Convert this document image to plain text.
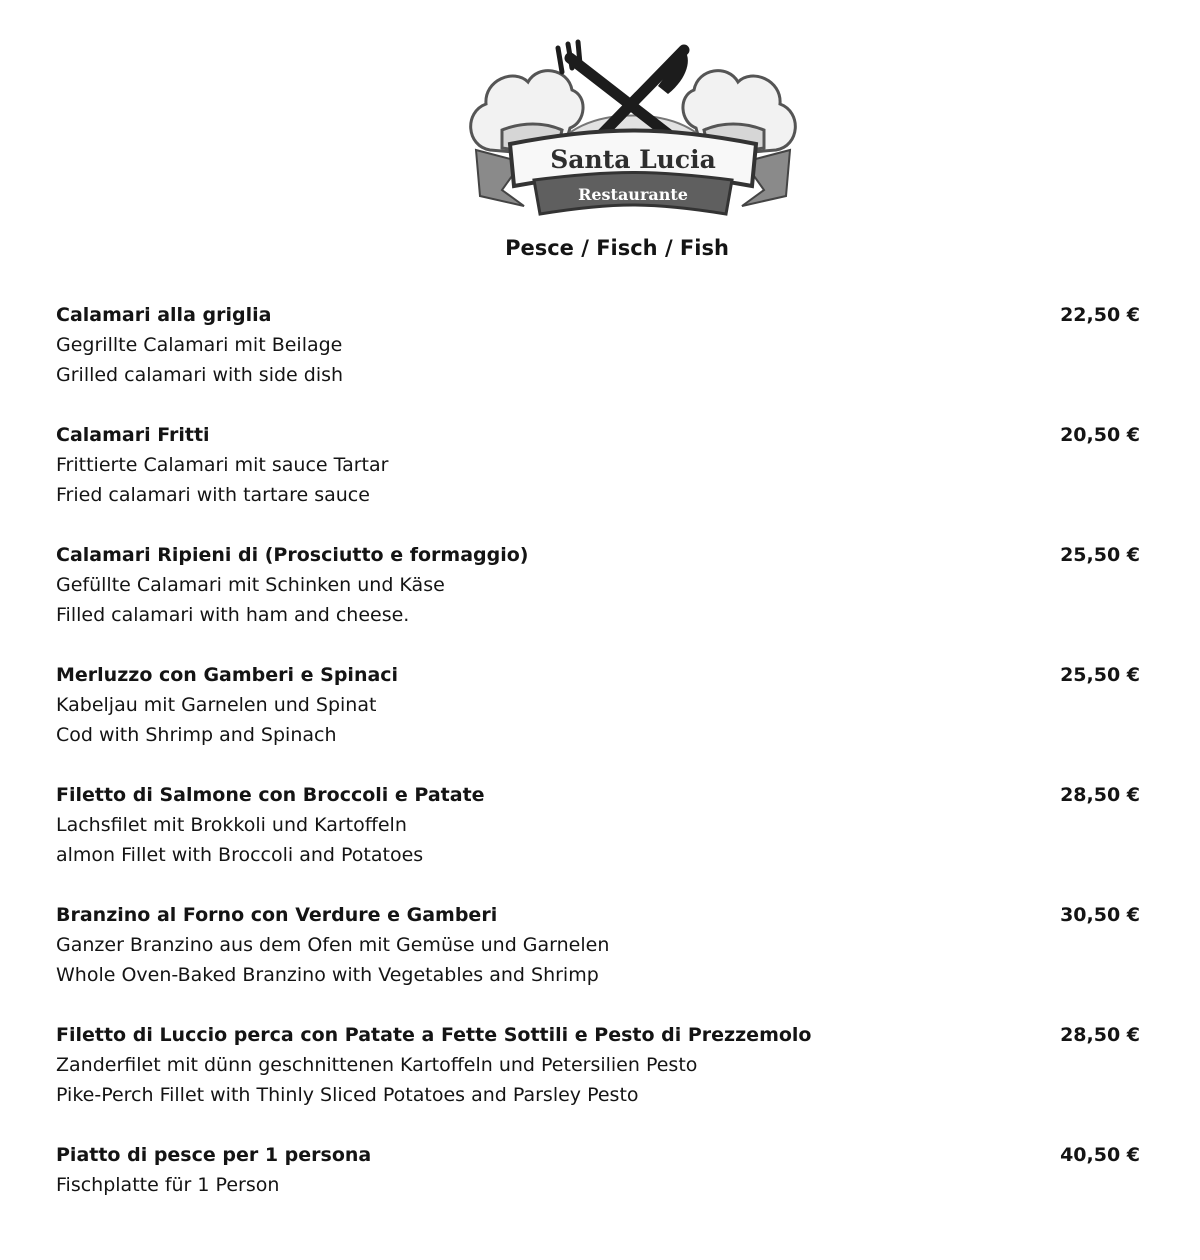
Santa Lucia
Restaurante
Pesce / Fisch / Fish
Calamari alla griglia
Gegrillte Calamari mit Beilage
Grilled calamari with side dish
22,50 €
Calamari Fritti
Frittierte Calamari mit sauce Tartar
Fried calamari with tartare sauce
20,50 €
Calamari Ripieni di (Prosciutto e formaggio)
Gefüllte Calamari mit Schinken und Käse
Filled calamari with ham and cheese.
25,50 €
Merluzzo con Gamberi e Spinaci
Kabeljau mit Garnelen und Spinat
Cod with Shrimp and Spinach
25,50 €
Filetto di Salmone con Broccoli e Patate
Lachsfilet mit Brokkoli und Kartoffeln
almon Fillet with Broccoli and Potatoes
28,50 €
Branzino al Forno con Verdure e Gamberi
Ganzer Branzino aus dem Ofen mit Gemüse und Garnelen
Whole Oven-Baked Branzino with Vegetables and Shrimp
30,50 €
Filetto di Luccio perca con Patate a Fette Sottili e Pesto di Prezzemolo
Zanderfilet mit dünn geschnittenen Kartoffeln und Petersilien Pesto
Pike-Perch Fillet with Thinly Sliced Potatoes and Parsley Pesto
28,50 €
Piatto di pesce per 1 persona
Fischplatte für 1 Person
40,50 €
